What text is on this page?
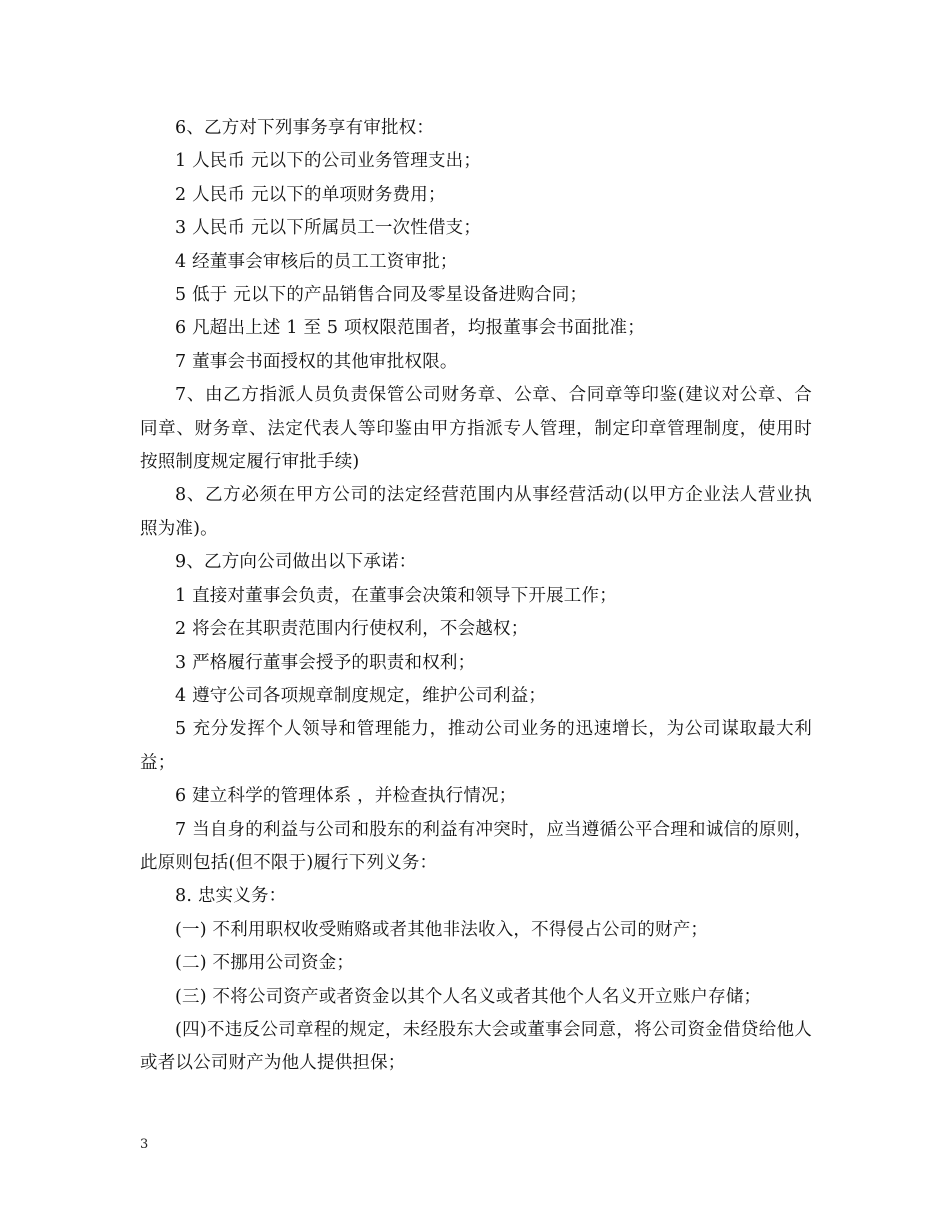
6、乙方对下列事务享有审批权：

1 人民币 元以下的公司业务管理支出；

2 人民币 元以下的单项财务费用；

3 人民币 元以下所属员工一次性借支；

4 经董事会审核后的员工工资审批；

5 低于 元以下的产品销售合同及零星设备进购合同；

6 凡超出上述 1 至 5 项权限范围者，均报董事会书面批准；

7 董事会书面授权的其他审批权限。

7、由乙方指派人员负责保管公司财务章、公章、合同章等印鉴(建议对公章、合同章、财务章、法定代表人等印鉴由甲方指派专人管理，制定印章管理制度，使用时按照制度规定履行审批手续)

8、乙方必须在甲方公司的法定经营范围内从事经营活动(以甲方企业法人营业执照为准)。

9、乙方向公司做出以下承诺：

1 直接对董事会负责，在董事会决策和领导下开展工作；

2 将会在其职责范围内行使权利，不会越权；

3 严格履行董事会授予的职责和权利；

4 遵守公司各项规章制度规定，维护公司利益；

5 充分发挥个人领导和管理能力，推动公司业务的迅速增长，为公司谋取最大利益；

6 建立科学的管理体系 ，并检查执行情况；

7 当自身的利益与公司和股东的利益有冲突时，应当遵循公平合理和诚信的原则，此原则包括(但不限于)履行下列义务：

8. 忠实义务：

(一) 不利用职权收受贿赂或者其他非法收入，不得侵占公司的财产；

(二) 不挪用公司资金；

(三) 不将公司资产或者资金以其个人名义或者其他个人名义开立账户存储；

(四)不违反公司章程的规定，未经股东大会或董事会同意，将公司资金借贷给他人或者以公司财产为他人提供担保；

3
